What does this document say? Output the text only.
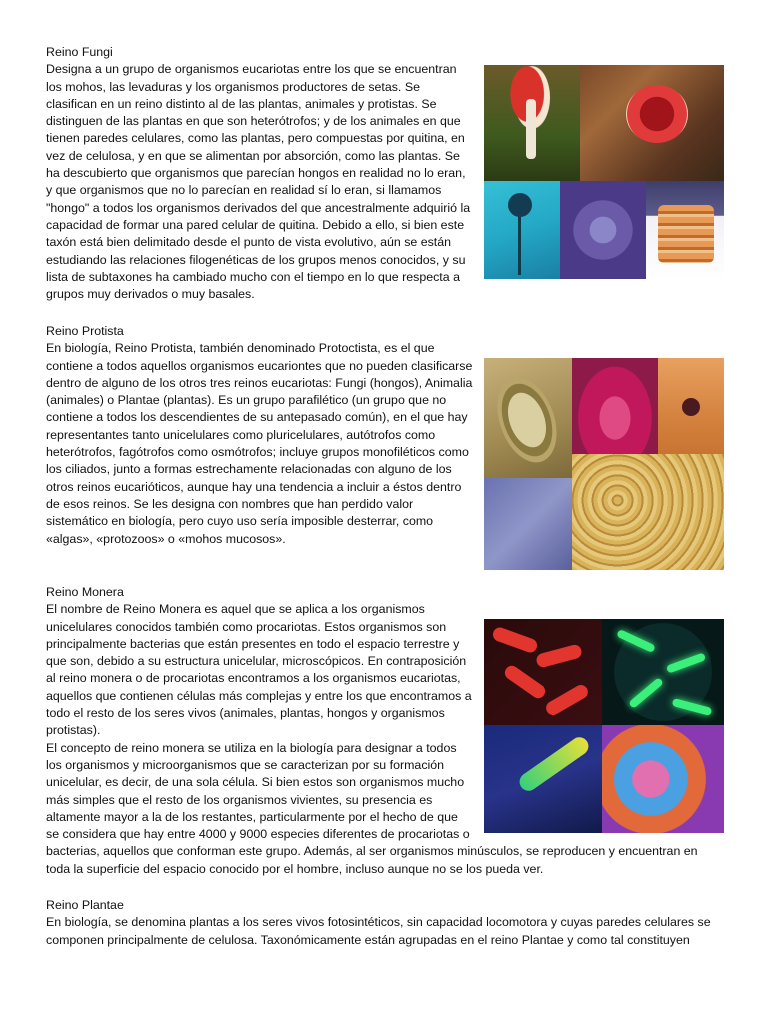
Reino Fungi

Designa a un grupo de organismos eucariotas entre los que se encuentran los mohos, las levaduras y los organismos productores de setas. Se clasifican en un reino distinto al de las plantas, animales y protistas. Se distinguen de las plantas en que son heterótrofos; y de los animales en que tienen paredes celulares, como las plantas, pero compuestas por quitina, en vez de celulosa, y en que se alimentan por absorción, como las plantas. Se ha descubierto que organismos que parecían hongos en realidad no lo eran, y que organismos que no lo parecían en realidad sí lo eran, si llamamos "hongo" a todos los organismos derivados del que ancestralmente adquirió la capacidad de formar una pared celular de quitina. Debido a ello, si bien este taxón está bien delimitado desde el punto de vista evolutivo, aún se están estudiando las relaciones filogenéticas de los grupos menos conocidos, y su lista de subtaxones ha cambiado mucho con el tiempo en lo que respecta a grupos muy derivados o muy basales.

Reino Protista

En biología, Reino Protista, también denominado Protoctista, es el que contiene a todos aquellos organismos eucariontes que no pueden clasificarse dentro de alguno de los otros tres reinos eucariotas: Fungi (hongos), Animalia (animales) o Plantae (plantas). Es un grupo parafilético (un grupo que no contiene a todos los descendientes de su antepasado común), en el que hay representantes tanto unicelulares como pluricelulares, autótrofos como heterótrofos, fagótrofos como osmótrofos; incluye grupos monofiléticos como los ciliados, junto a formas estrechamente relacionadas con alguno de los otros reinos eucarióticos, aunque hay una tendencia a incluir a éstos dentro de esos reinos. Se les designa con nombres que han perdido valor sistemático en biología, pero cuyo uso sería imposible desterrar, como «algas», «protozoos» o «mohos mucosos».

Reino Monera

El nombre de Reino Monera es aquel que se aplica a los organismos unicelulares conocidos también como procariotas. Estos organismos son principalmente bacterias que están presentes en todo el espacio terrestre y que son, debido a su estructura unicelular, microscópicos. En contraposición al reino monera o de procariotas encontramos a los organismos eucariotas, aquellos que contienen células más complejas y entre los que encontramos a todo el resto de los seres vivos (animales, plantas, hongos y organismos protistas).

El concepto de reino monera se utiliza en la biología para designar a todos los organismos y microorganismos que se caracterizan por su formación unicelular, es decir, de una sola célula. Si bien estos son organismos mucho más simples que el resto de los organismos vivientes, su presencia es altamente mayor a la de los restantes, particularmente por el hecho de que se considera que hay entre 4000 y 9000 especies diferentes de procariotas o bacterias, aquellos que conforman este grupo. Además, al ser organismos minúsculos, se reproducen y encuentran en toda la superficie del espacio conocido por el hombre, incluso aunque no se los pueda ver.

Reino Plantae

En biología, se denomina plantas a los seres vivos fotosintéticos, sin capacidad locomotora y cuyas paredes celulares se componen principalmente de celulosa. Taxonómicamente están agrupadas en el reino Plantae y como tal constituyen
